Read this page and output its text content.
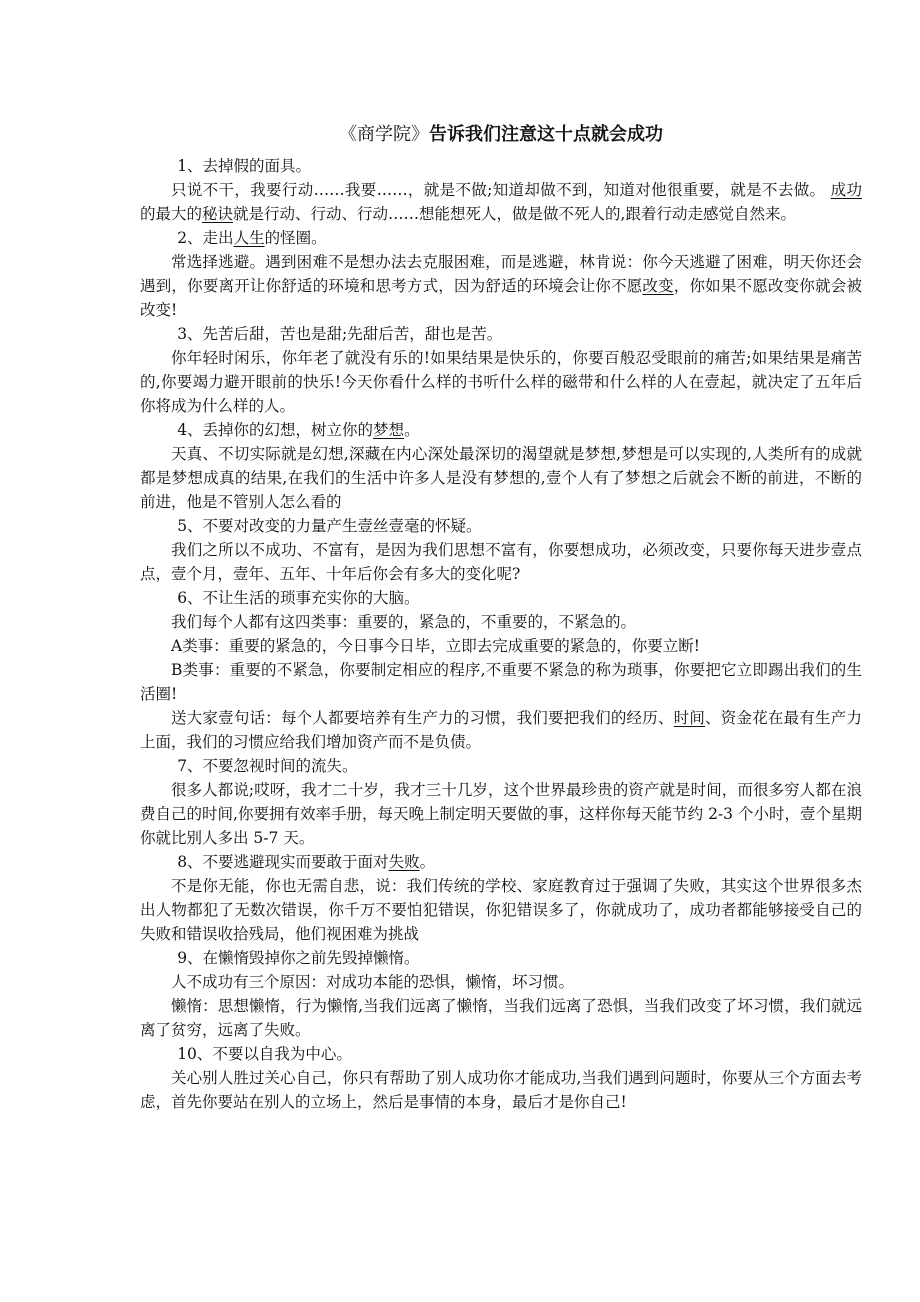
《商学院》告诉我们注意这十点就会成功

1、去掉假的面具。

只说不干，我要行动……我要……，就是不做;知道却做不到，知道对他很重要，就是不去做。 成功的最大的秘诀就是行动、行动、行动……想能想死人，做是做不死人的,跟着行动走感觉自然来。

2、走出人生的怪圈。

常选择逃避。遇到困难不是想办法去克服困难，而是逃避，林肯说：你今天逃避了困难，明天你还会遇到，你要离开让你舒适的环境和思考方式，因为舒适的环境会让你不愿改变，你如果不愿改变你就会被改变!

3、先苦后甜，苦也是甜;先甜后苦，甜也是苦。

你年轻时闲乐，你年老了就没有乐的!如果结果是快乐的，你要百般忍受眼前的痛苦;如果结果是痛苦的,你要竭力避开眼前的快乐!今天你看什么样的书听什么样的磁带和什么样的人在壹起，就决定了五年后你将成为什么样的人。

4、丢掉你的幻想，树立你的梦想。

天真、不切实际就是幻想,深藏在内心深处最深切的渴望就是梦想,梦想是可以实现的,人类所有的成就都是梦想成真的结果,在我们的生活中许多人是没有梦想的,壹个人有了梦想之后就会不断的前进，不断的前进，他是不管别人怎么看的

5、不要对改变的力量产生壹丝壹毫的怀疑。

我们之所以不成功、不富有，是因为我们思想不富有，你要想成功，必须改变，只要你每天进步壹点点，壹个月，壹年、五年、十年后你会有多大的变化呢?

6、不让生活的琐事充实你的大脑。

我们每个人都有这四类事：重要的，紧急的，不重要的，不紧急的。

A类事：重要的紧急的，今日事今日毕，立即去完成重要的紧急的，你要立断!

B类事：重要的不紧急，你要制定相应的程序,不重要不紧急的称为琐事，你要把它立即踢出我们的生活圈!

送大家壹句话：每个人都要培养有生产力的习惯，我们要把我们的经历、时间、资金花在最有生产力上面，我们的习惯应给我们增加资产而不是负债。

7、不要忽视时间的流失。

很多人都说;哎呀，我才二十岁，我才三十几岁，这个世界最珍贵的资产就是时间，而很多穷人都在浪费自己的时间,你要拥有效率手册，每天晚上制定明天要做的事，这样你每天能节约 2-3 个小时，壹个星期你就比别人多出 5-7 天。

8、不要逃避现实而要敢于面对失败。

不是你无能，你也无需自悲，说：我们传统的学校、家庭教育过于强调了失败，其实这个世界很多杰出人物都犯了无数次错误，你千万不要怕犯错误，你犯错误多了，你就成功了，成功者都能够接受自己的失败和错误收拾残局，他们视困难为挑战

9、在懒惰毁掉你之前先毁掉懒惰。

人不成功有三个原因：对成功本能的恐惧，懒惰，坏习惯。

懒惰：思想懒惰，行为懒惰,当我们远离了懒惰，当我们远离了恐惧，当我们改变了坏习惯，我们就远离了贫穷，远离了失败。

10、不要以自我为中心。

关心别人胜过关心自己，你只有帮助了别人成功你才能成功,当我们遇到问题时，你要从三个方面去考虑，首先你要站在别人的立场上，然后是事情的本身，最后才是你自己!
